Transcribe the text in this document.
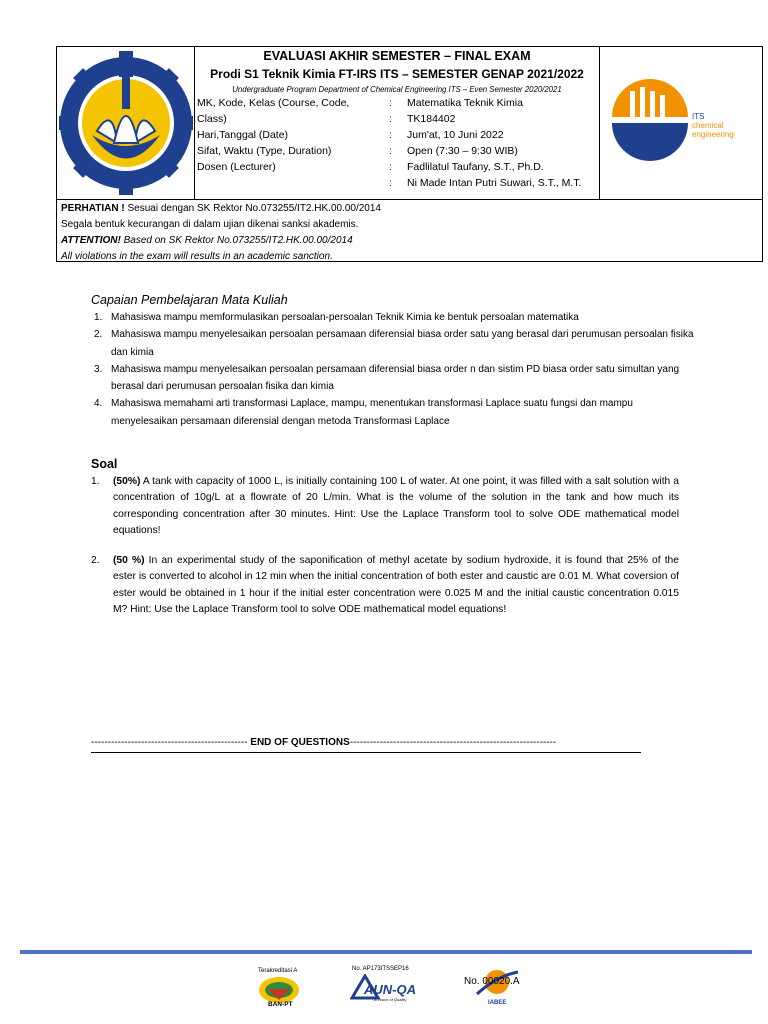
EVALUASI AKHIR SEMESTER – FINAL EXAM
Prodi S1 Teknik Kimia FT-IRS ITS – SEMESTER GENAP 2021/2022
Undergraduate Program Department of Chemical Engineering ITS – Even Semester 2020/2021
MK, Kode, Kelas (Course, Code,	: Matematika Teknik Kimia
Class)	: TK184402
Hari,Tanggal (Date)	: Jum'at, 10 Juni 2022
Sifat, Waktu (Type, Duration)	: Open (7:30 – 9:30 WIB)
Dosen (Lecturer)	: Fadlilatul Taufany, S.T., Ph.D.
: Ni Made Intan Putri Suwari, S.T., M.T.
ITS
chemical
engineering
PERHATIAN ! Sesuai dengan SK Rektor No.073255/IT2.HK.00.00/2014
Segala bentuk kecurangan di dalam ujian dikenai sanksi akademis.
ATTENTION! Based on SK Rektor No.073255/IT2.HK.00.00/2014
All violations in the exam will results in an academic sanction.
Capaian Pembelajaran Mata Kuliah
1. Mahasiswa mampu memformulasikan persoalan-persoalan Teknik Kimia ke bentuk persoalan matematika
2. Mahasiswa mampu menyelesaikan persoalan persamaan diferensial biasa order satu yang berasal dari perumusan persoalan fisika dan kimia
3. Mahasiswa mampu menyelesaikan persoalan persamaan diferensial biasa order n dan sistim PD biasa order satu simultan yang berasal dari perumusan persoalan fisika dan kimia
4. Mahasiswa memahami arti transformasi Laplace, mampu, menentukan transformasi Laplace suatu fungsi dan mampu menyelesaikan persamaan diferensial dengan metoda Transformasi Laplace
Soal
1. (50%) A tank with capacity of 1000 L, is initially containing 100 L of water. At one point, it was filled with a salt solution with a concentration of 10g/L at a flowrate of 20 L/min. What is the volume of the solution in the tank and how much its corresponding concentration after 30 minutes. Hint: Use the Laplace Transform tool to solve ODE mathematical model equations!
2. (50 %) In an experimental study of the saponification of methyl acetate by sodium hydroxide, it is found that 25% of the ester is converted to alcohol in 12 min when the initial concentration of both ester and caustic are 0.01 M. What coversion of ester would be obtained in 1 hour if the initial ester concentration were 0.025 M and the initial caustic concentration 0.015 M? Hint: Use the Laplace Transform tool to solve ODE mathematical model equations!
----------------------------------------------- END OF QUESTIONS--------------------------------------------------------------
Terakreditasi A
BAN-PT
No. AP173ITSSEP16
AUN-QA
A Touch of Quality
No. 00020.A
IABEE
